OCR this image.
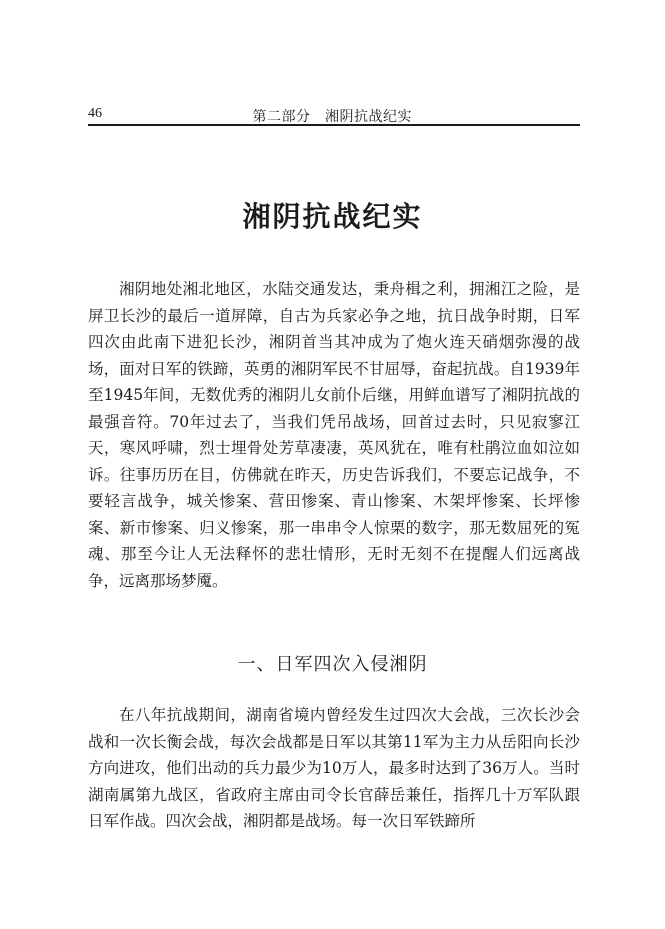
46	第二部分　湘阴抗战纪实
湘阴抗战纪实

湘阴地处湘北地区，水陆交通发达，秉舟楫之利，拥湘江之险，是屏卫长沙的最后一道屏障，自古为兵家必争之地，抗日战争时期，日军四次由此南下进犯长沙，湘阴首当其冲成为了炮火连天硝烟弥漫的战场，面对日军的铁蹄，英勇的湘阴军民不甘屈辱，奋起抗战。自1939年至1945年间，无数优秀的湘阴儿女前仆后继，用鲜血谱写了湘阴抗战的最强音符。70年过去了，当我们凭吊战场，回首过去时，只见寂寥江天，寒风呼啸，烈士埋骨处芳草凄凄，英风犹在，唯有杜鹃泣血如泣如诉。往事历历在目，仿佛就在昨天，历史告诉我们，不要忘记战争，不要轻言战争，城关惨案、营田惨案、青山惨案、木架坪惨案、长坪惨案、新市惨案、归义惨案，那一串串令人惊栗的数字，那无数屈死的冤魂、那至今让人无法释怀的悲壮情形，无时无刻不在提醒人们远离战争，远离那场梦魇。

一、日军四次入侵湘阴

在八年抗战期间，湖南省境内曾经发生过四次大会战，三次长沙会战和一次长衡会战，每次会战都是日军以其第11军为主力从岳阳向长沙方向进攻，他们出动的兵力最少为10万人，最多时达到了36万人。当时湖南属第九战区，省政府主席由司令长官薛岳兼任，指挥几十万军队跟日军作战。四次会战，湘阴都是战场。每一次日军铁蹄所
